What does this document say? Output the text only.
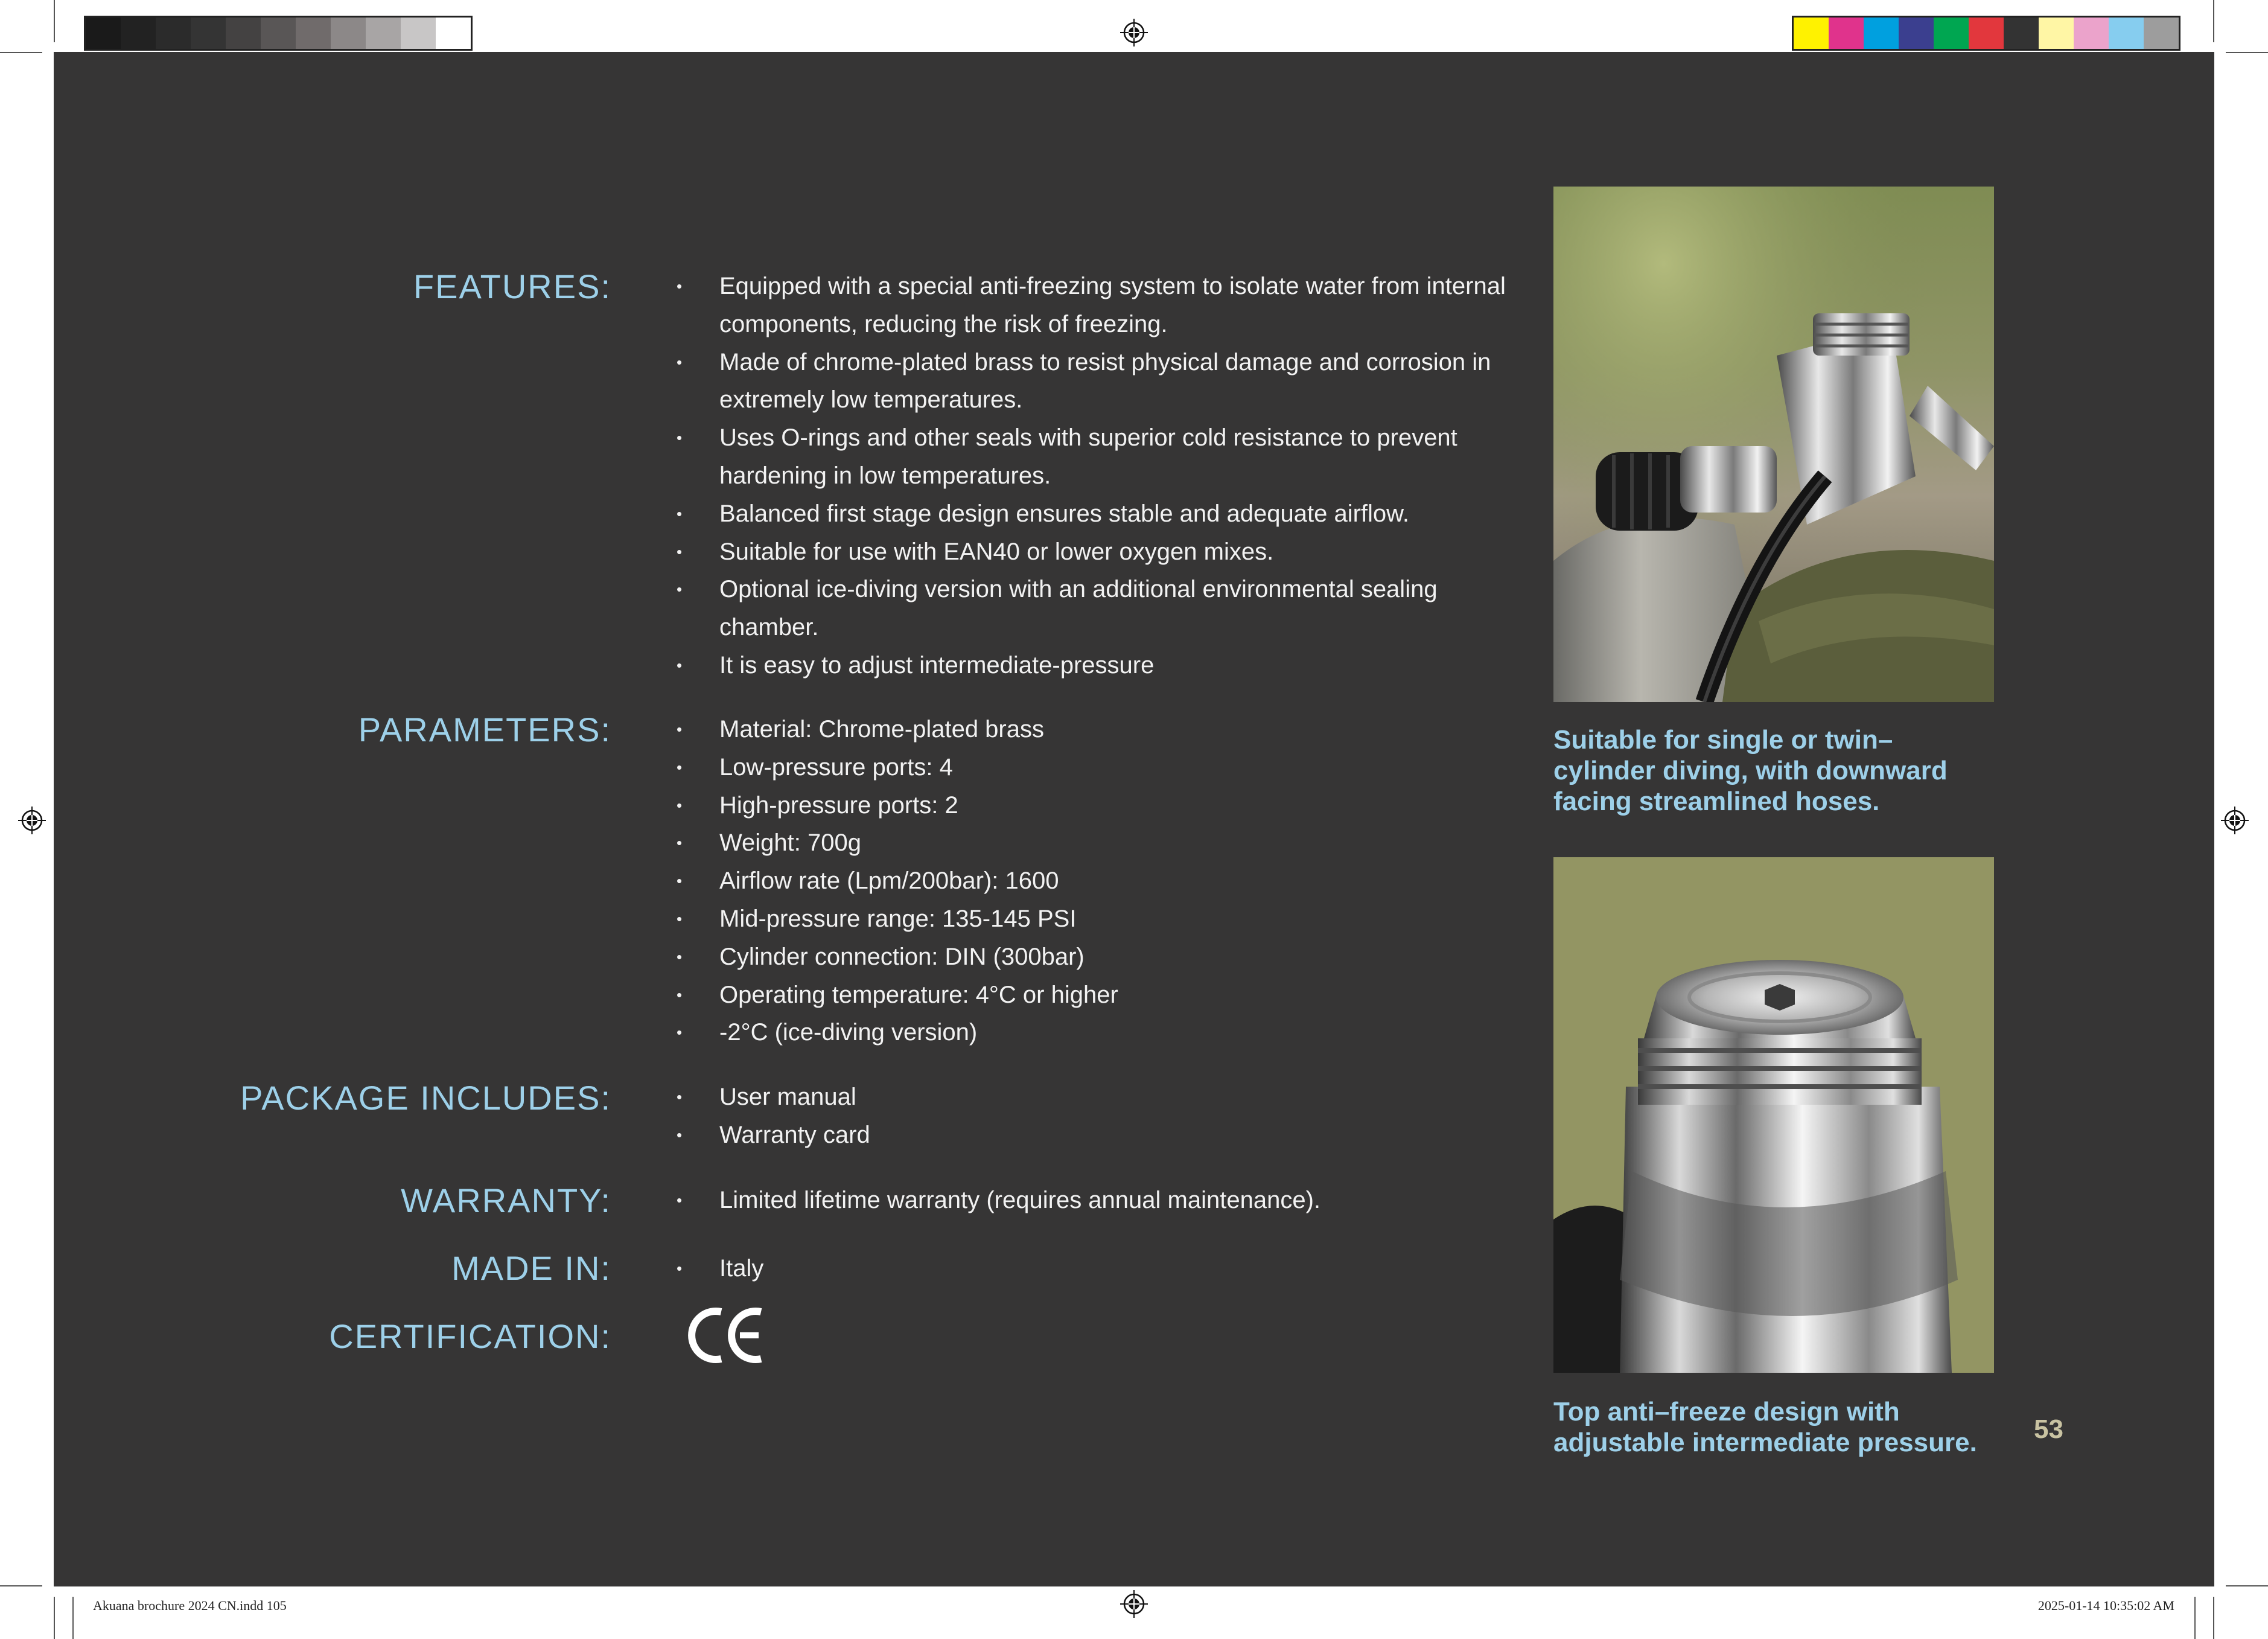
FEATURES:
PARAMETERS:
PACKAGE INCLUDES:
WARRANTY:
MADE IN:
CERTIFICATION:
• Equipped with a special anti-freezing system to isolate water from internal components, reducing the risk of freezing.
• Made of chrome-plated brass to resist physical damage and corrosion in extremely low temperatures.
• Uses O-rings and other seals with superior cold resistance to prevent hardening in low temperatures.
• Balanced first stage design ensures stable and adequate airflow.
• Suitable for use with EAN40 or lower oxygen mixes.
• Optional ice-diving version with an additional environmental sealing chamber.
• It is easy to adjust intermediate-pressure
• Material: Chrome-plated brass
• Low-pressure ports: 4
• High-pressure ports: 2
• Weight: 700g
• Airflow rate (Lpm/200bar): 1600
• Mid-pressure range: 135-145 PSI
• Cylinder connection: DIN (300bar)
• Operating temperature: 4°C or higher
• -2°C (ice-diving version)
• User manual
• Warranty card
• Limited lifetime warranty (requires annual maintenance).
• Italy
Suitable for single or twin–
cylinder diving, with downward
facing streamlined hoses.
Top anti–freeze design with
adjustable intermediate pressure. 53
Akuana brochure 2024 CN.indd 105	2025-01-14 10:35:02 AM
